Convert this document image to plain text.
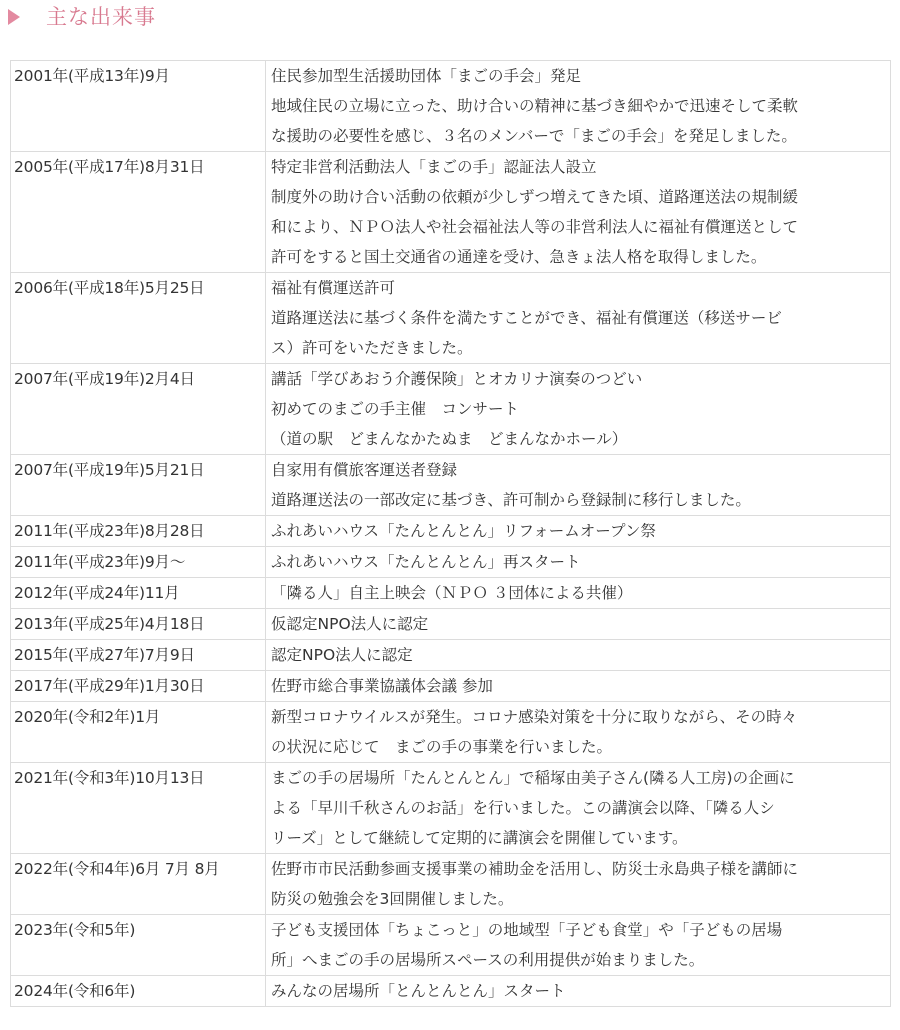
主な出来事
2001年(平成13年)9月	住民参加型生活援助団体「まごの手会」発足
地域住民の立場に立った、助け合いの精神に基づき細やかで迅速そして柔軟
な援助の必要性を感じ、３名のメンバーで「まごの手会」を発足しました。

2005年(平成17年)8月31日	特定非営利活動法人「まごの手」認証法人設立
制度外の助け合い活動の依頼が少しずつ増えてきた頃、道路運送法の規制緩
和により、ＮＰＯ法人や社会福祉法人等の非営利法人に福祉有償運送として
許可をすると国土交通省の通達を受け、急きょ法人格を取得しました。

2006年(平成18年)5月25日	福祉有償運送許可
道路運送法に基づく条件を満たすことができ、福祉有償運送（移送サービ
ス）許可をいただきました。

2007年(平成19年)2月4日	講話「学びあおう介護保険」とオカリナ演奏のつどい
初めてのまごの手主催　コンサート
（道の駅　どまんなかたぬま　どまんなかホール）

2007年(平成19年)5月21日	自家用有償旅客運送者登録
道路運送法の一部改定に基づき、許可制から登録制に移行しました。

2011年(平成23年)8月28日	ふれあいハウス「たんとんとん」リフォームオープン祭

2011年(平成23年)9月～	ふれあいハウス「たんとんとん」再スタート

2012年(平成24年)11月	「隣る人」自主上映会（ＮＰＯ ３団体による共催）

2013年(平成25年)4月18日	仮認定NPO法人に認定

2015年(平成27年)7月9日	認定NPO法人に認定

2017年(平成29年)1月30日	佐野市総合事業協議体会議 参加

2020年(令和2年)1月	新型コロナウイルスが発生。コロナ感染対策を十分に取りながら、その時々
の状況に応じて　まごの手の事業を行いました。

2021年(令和3年)10月13日	まごの手の居場所「たんとんとん」で稲塚由美子さん(隣る人工房)の企画に
よる「早川千秋さんのお話」を行いました。この講演会以降、「隣る人シ
リーズ」として継続して定期的に講演会を開催しています。

2022年(令和4年)6月 7月 8月	佐野市市民活動参画支援事業の補助金を活用し、防災士永島典子様を講師に
防災の勉強会を3回開催しました。

2023年(令和5年)	子ども支援団体「ちょこっと」の地域型「子ども食堂」や「子どもの居場
所」へまごの手の居場所スペースの利用提供が始まりました。

2024年(令和6年)	みんなの居場所「とんとんとん」スタート
